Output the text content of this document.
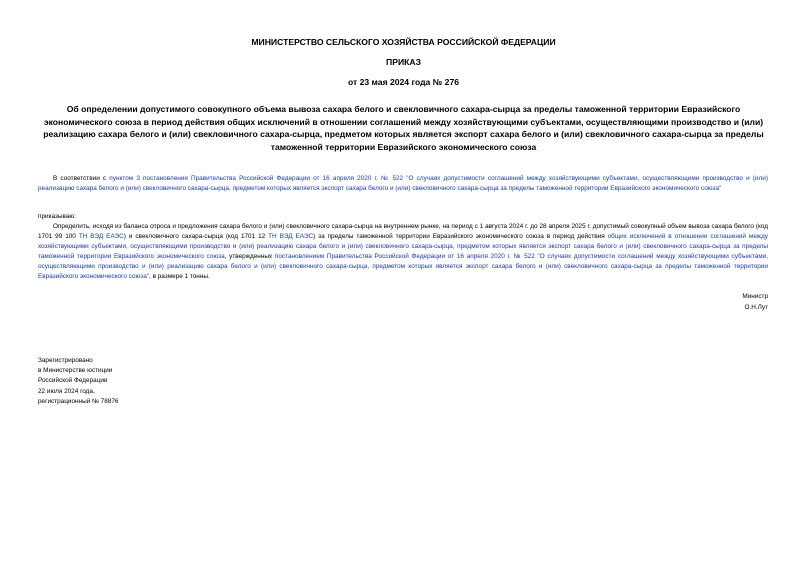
МИНИСТЕРСТВО СЕЛЬСКОГО ХОЗЯЙСТВА РОССИЙСКОЙ ФЕДЕРАЦИИ
ПРИКАЗ
от 23 мая 2024 года № 276
Об определении допустимого совокупного объема вывоза сахара белого и свекловичного сахара-сырца за пределы таможенной территории Евразийского экономического союза в период действия общих исключений в отношении соглашений между хозяйствующими субъектами, осуществляющими производство и (или) реализацию сахара белого и (или) свекловичного сахара-сырца, предметом которых является экспорт сахара белого и (или) свекловичного сахара-сырца за пределы таможенной территории Евразийского экономического союза
В соответствии с пунктом 3 постановления Правительства Российской Федерации от 16 апреля 2020 г. № 522 "О случаях допустимости соглашений между хозяйствующими субъектами, осуществляющими производство и (или) реализацию сахара белого и (или) свекловичного сахара-сырца, предметом которых является экспорт сахара белого и (или) свекловичного сахара-сырца за пределы таможенной территории Евразийского экономического союза"
приказываю:
Определить, исходя из баланса спроса и предложения сахара белого и (или) свекловичного сахара-сырца на внутреннем рынке, на период с 1 августа 2024 г. до 28 апреля 2025 г. допустимый совокупный объем вывоза сахара белого (код 1701 99 100 ТН ВЭД ЕАЭС) и свекловичного сахара-сырца (код 1701 12 ТН ВЭД ЕАЭС) за пределы таможенной территории Евразийского экономического союза в период действия общих исключений в отношении соглашений между хозяйствующими субъектами, осуществляющими производство и (или) реализацию сахара белого и (или) свекловичного сахара-сырца, предметом которых является экспорт сахара белого и (или) свекловичного сахара-сырца за пределы таможенной территории Евразийского экономического союза, утвержденных постановлением Правительства Российской Федерации от 16 апреля 2020 г. № 522 "О случаях допустимости соглашений между хозяйствующими субъектами, осуществляющими производство и (или) реализацию сахара белого и (или) свекловичного сахара-сырца, предметом которых является экспорт сахара белого и (или) свекловичного сахара-сырца за пределы таможенной территории Евразийского экономического союза", в размере 1 тонны.
Министр
О.Н.Лут
Зарегистрировано
в Министерстве юстиции
Российской Федерации
22 июля 2024 года,
регистрационный № 78876
